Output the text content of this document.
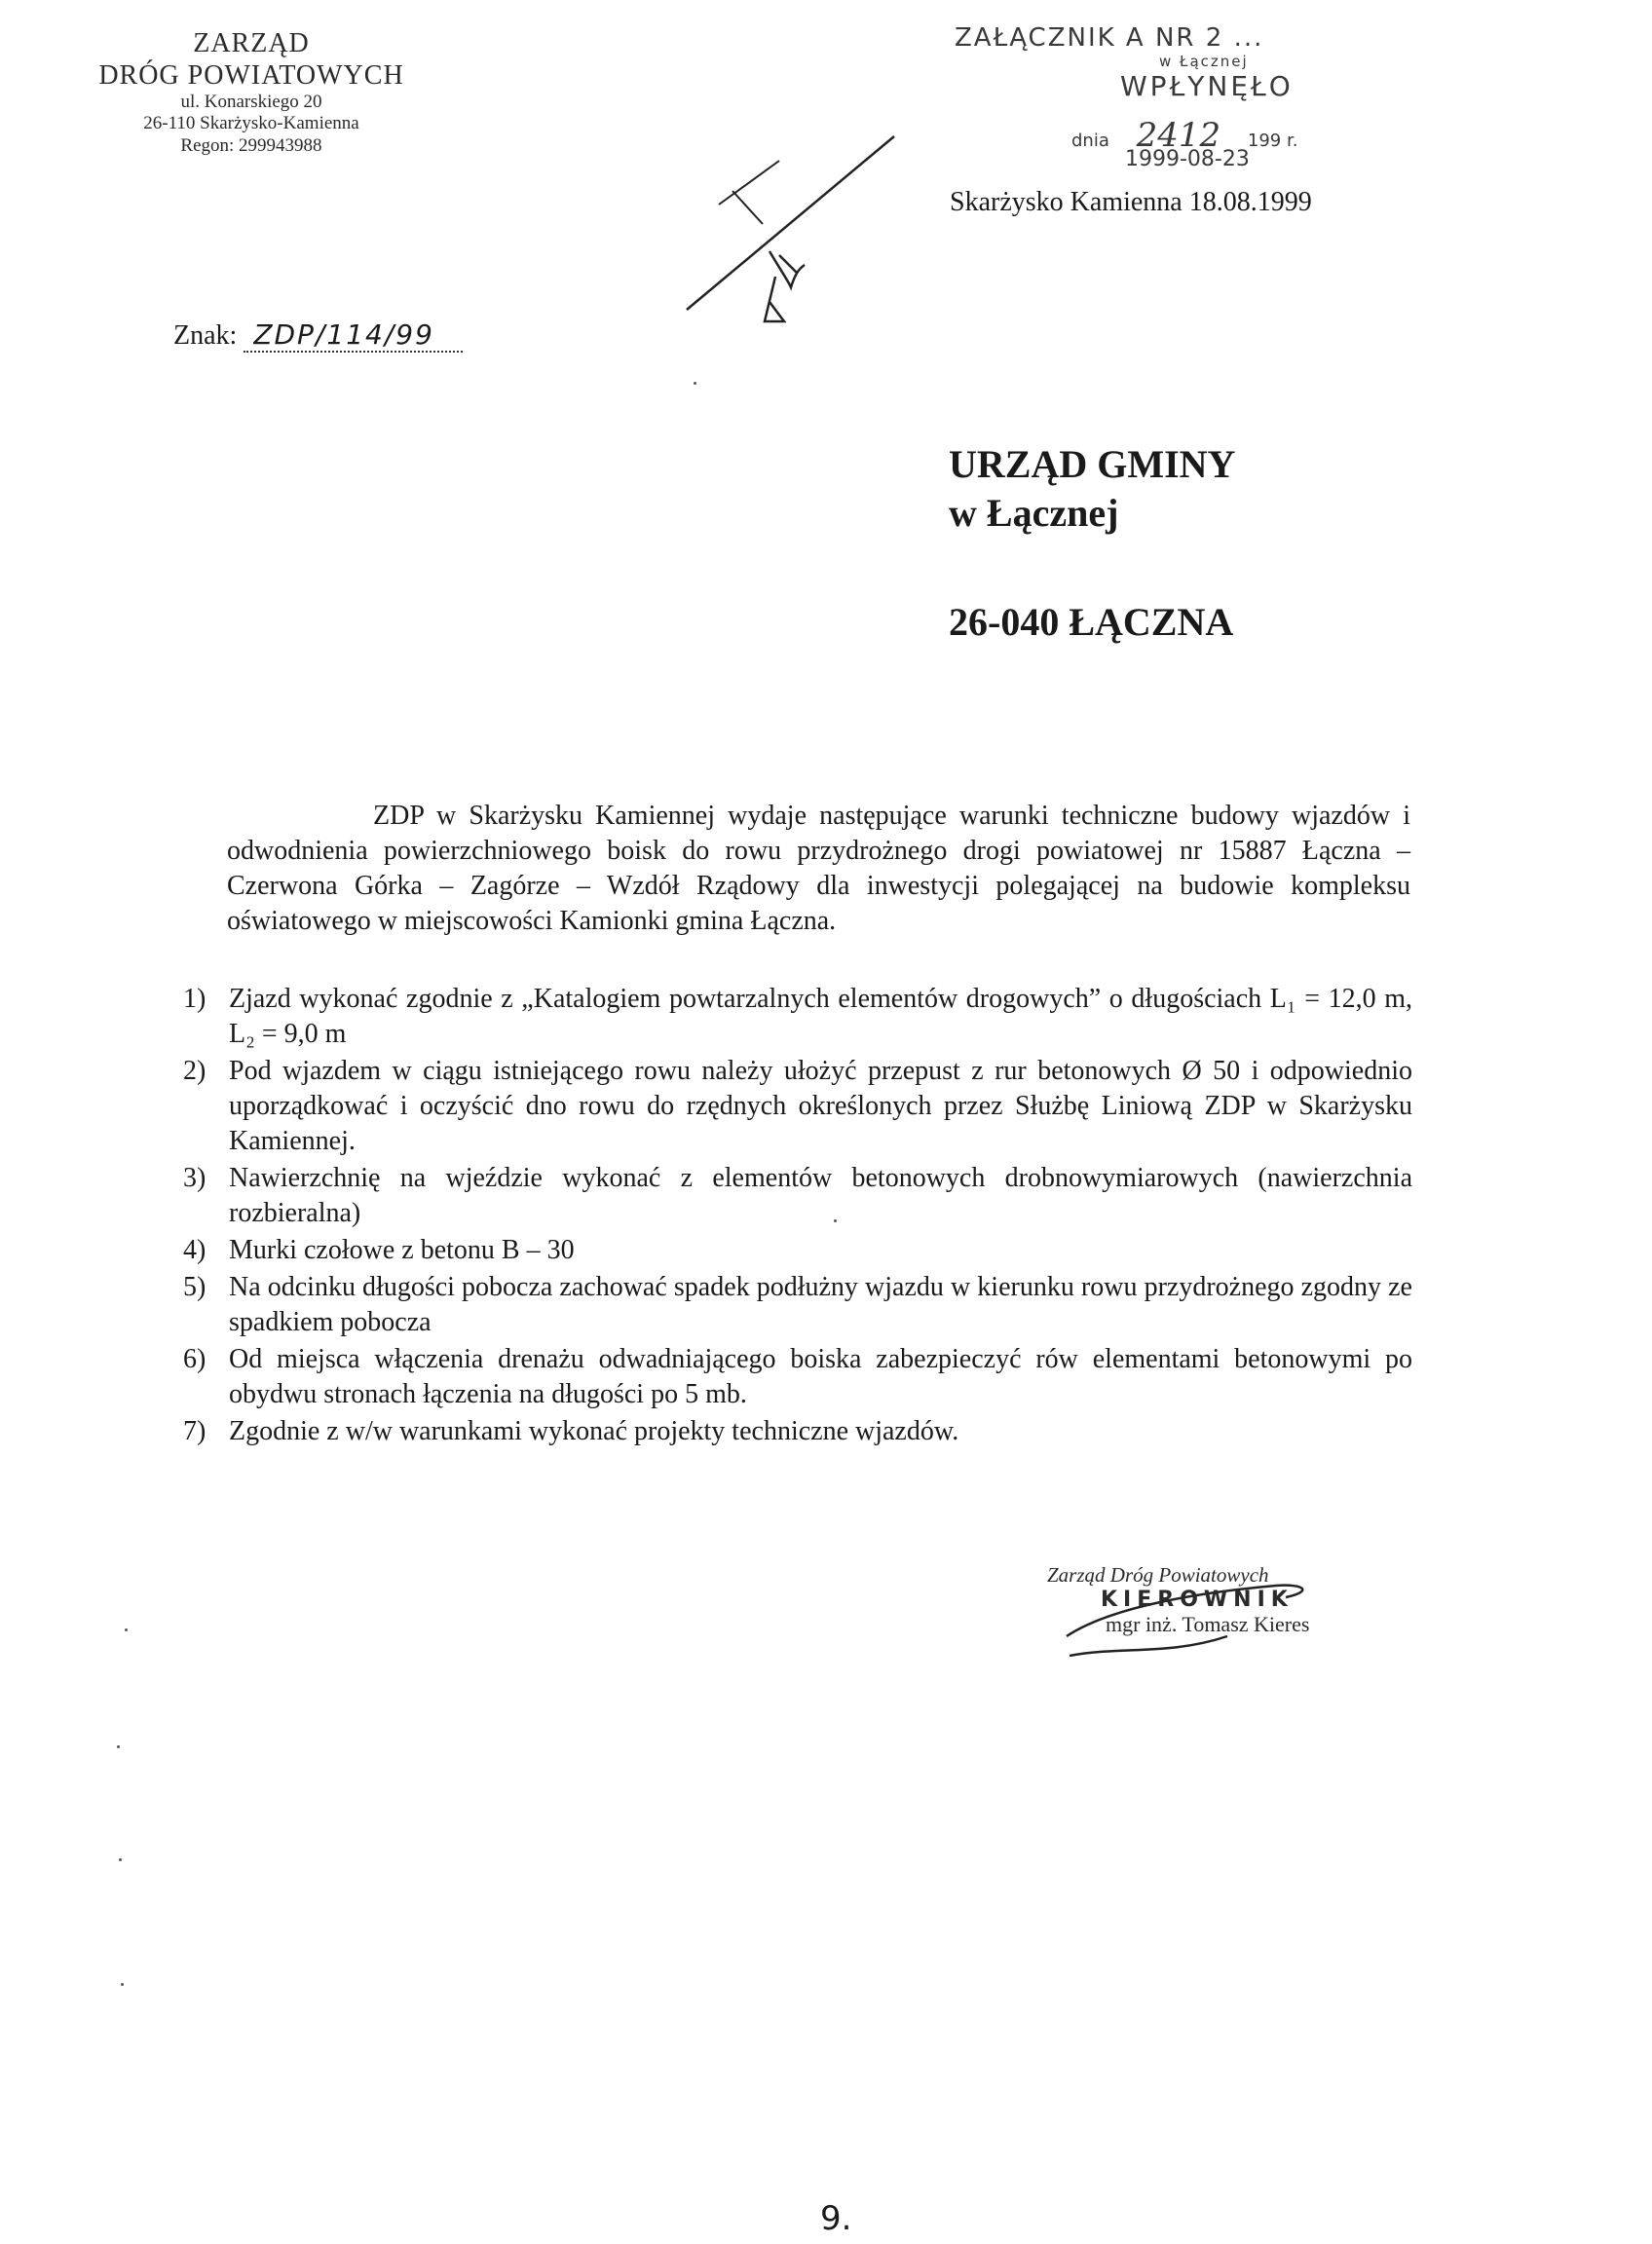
ZARZĄD
DRÓG POWIATOWYCH
ul. Konarskiego 20
26-110 Skarżysko-Kamienna
Regon: 299943988
ZAŁĄCZNIK A NR 2 ...
w Łącznej
WPŁYNĘŁO
dnia 2412 199 r.
1999-08-23
Skarżysko Kamienna 18.08.1999
Znak: ZDP/114/99
URZĄD GMINY
w Łącznej
26-040 ŁĄCZNA
ZDP w Skarżysku Kamiennej wydaje następujące warunki techniczne budowy wjazdów i odwodnienia powierzchniowego boisk do rowu przydrożnego drogi powiatowej nr 15887 Łączna – Czerwona Górka – Zagórze – Wzdół Rządowy dla inwestycji polegającej na budowie kompleksu oświatowego w miejscowości Kamionki gmina Łączna.
1) Zjazd wykonać zgodnie z „Katalogiem powtarzalnych elementów drogowych” o długościach L₁ = 12,0 m, L₂ = 9,0 m
2) Pod wjazdem w ciągu istniejącego rowu należy ułożyć przepust z rur betonowych Ø 50 i odpowiednio uporządkować i oczyścić dno rowu do rzędnych określonych przez Służbę Liniową ZDP w Skarżysku Kamiennej.
3) Nawierzchnię na wjeździe wykonać z elementów betonowych drobnowymiarowych (nawierzchnia rozbieralna)
4) Murki czołowe z betonu B – 30
5) Na odcinku długości pobocza zachować spadek podłużny wjazdu w kierunku rowu przydrożnego zgodny ze spadkiem pobocza
6) Od miejsca włączenia drenażu odwadniającego boiska zabezpieczyć rów elementami betonowymi po obydwu stronach łączenia na długości po 5 mb.
7) Zgodnie z w/w warunkami wykonać projekty techniczne wjazdów.
Zarząd Dróg Powiatowych
KIEROWNIK
mgr inż. Tomasz Kieres
9.
